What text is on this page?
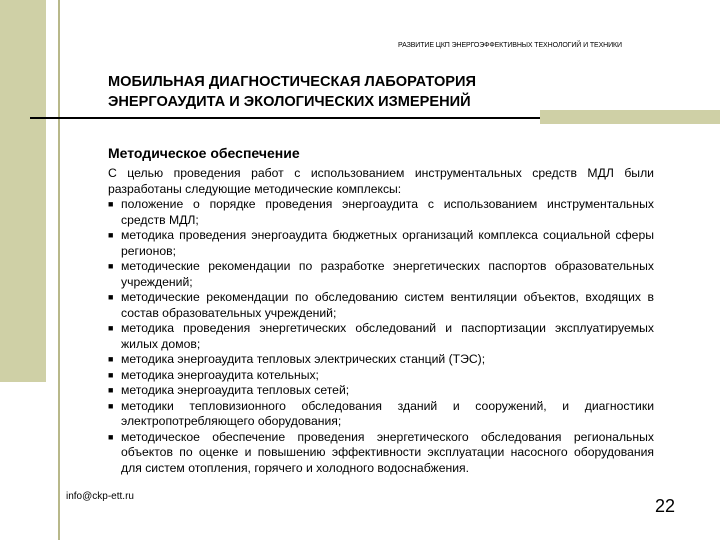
РАЗВИТИЕ ЦКП ЭНЕРГОЭФФЕКТИВНЫХ ТЕХНОЛОГИЙ И ТЕХНИКИ
МОБИЛЬНАЯ ДИАГНОСТИЧЕСКАЯ ЛАБОРАТОРИЯ
ЭНЕРГОАУДИТА И ЭКОЛОГИЧЕСКИХ ИЗМЕРЕНИЙ
Методическое обеспечение
С целью проведения работ с использованием инструментальных средств МДЛ были разработаны следующие методические комплексы:
■ положение о порядке проведения энергоаудита с использованием инструментальных средств МДЛ;
■ методика проведения энергоаудита бюджетных организаций комплекса социальной сферы регионов;
■ методические рекомендации по разработке энергетических паспортов образовательных учреждений;
■ методические рекомендации по обследованию систем вентиляции объектов, входящих в состав образовательных учреждений;
■ методика проведения энергетических обследований и паспортизации эксплуатируемых жилых домов;
■ методика энергоаудита тепловых электрических станций (ТЭС);
■ методика энергоаудита котельных;
■ методика энергоаудита тепловых сетей;
■ методики тепловизионного обследования зданий и сооружений, и диагностики электропотребляющего оборудования;
■ методическое обеспечение проведения энергетического обследования региональных объектов по оценке и повышению эффективности эксплуатации насосного оборудования для систем отопления, горячего и холодного водоснабжения.
info@ckp-ett.ru	22
